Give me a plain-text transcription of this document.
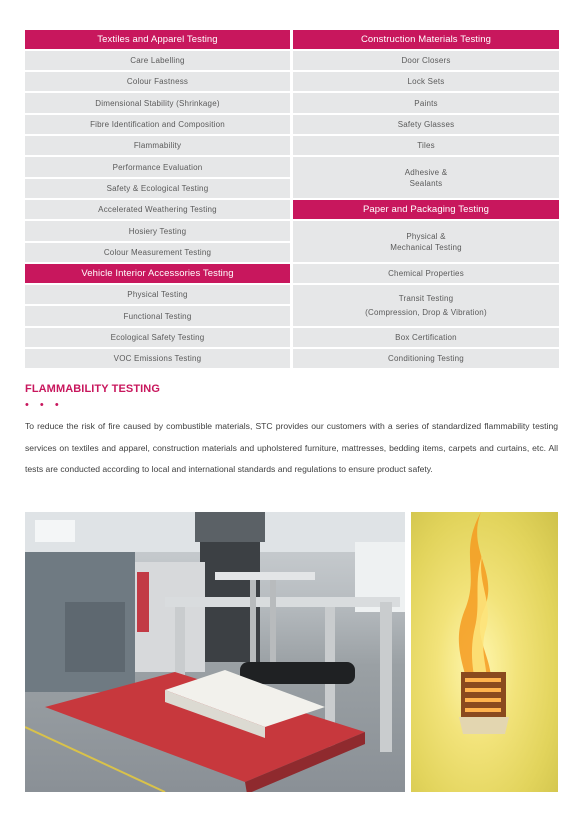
Textiles and Apparel Testing
Care Labelling
Colour Fastness
Dimensional Stability (Shrinkage)
Fibre Identification and Composition
Flammability
Performance Evaluation
Safety & Ecological Testing
Accelerated Weathering Testing
Hosiery Testing
Colour Measurement Testing
Vehicle Interior Accessories Testing
Physical Testing
Functional Testing
Ecological Safety Testing
VOC Emissions Testing
Construction Materials Testing
Door Closers
Lock Sets
Paints
Safety Glasses
Tiles
Adhesive &
Sealants
Paper and Packaging Testing
Physical &
Mechanical Testing
Chemical Properties
Transit Testing
(Compression, Drop & Vibration)
Box Certification
Conditioning Testing
FLAMMABILITY TESTING
• • •
To reduce the risk of fire caused by combustible materials, STC provides our customers with a series of standardized flammability testing services on textiles and apparel, construction materials and upholstered furniture, mattresses, bedding items, carpets and curtains, etc. All tests are conducted according to local and international standards and regulations to ensure product safety.
